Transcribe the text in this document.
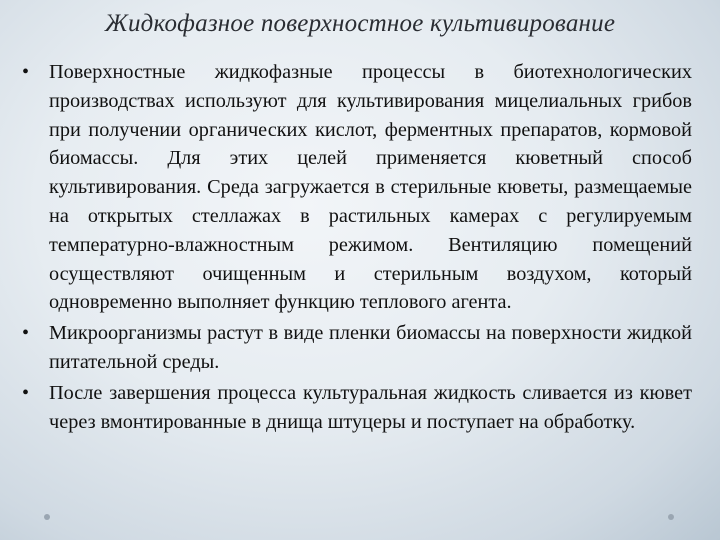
Жидкофазное поверхностное культивирование
• Поверхностные жидкофазные процессы в биотехнологических производствах используют для культивирования мицелиальных грибов при получении органических кислот, ферментных препаратов, кормовой биомассы. Для этих целей применяется кюветный способ культивирования. Среда загружается в стерильные кюветы, размещаемые на открытых стеллажах в растильных камерах с регулируемым температурно-влажностным режимом. Вентиляцию помещений осуществляют очищенным и стерильным воздухом, который одновременно выполняет функцию теплового агента.
• Микроорганизмы растут в виде пленки биомассы на поверхности жидкой питательной среды.
• После завершения процесса культуральная жидкость сливается из кювет через вмонтированные в днища штуцеры и поступает на обработку.
